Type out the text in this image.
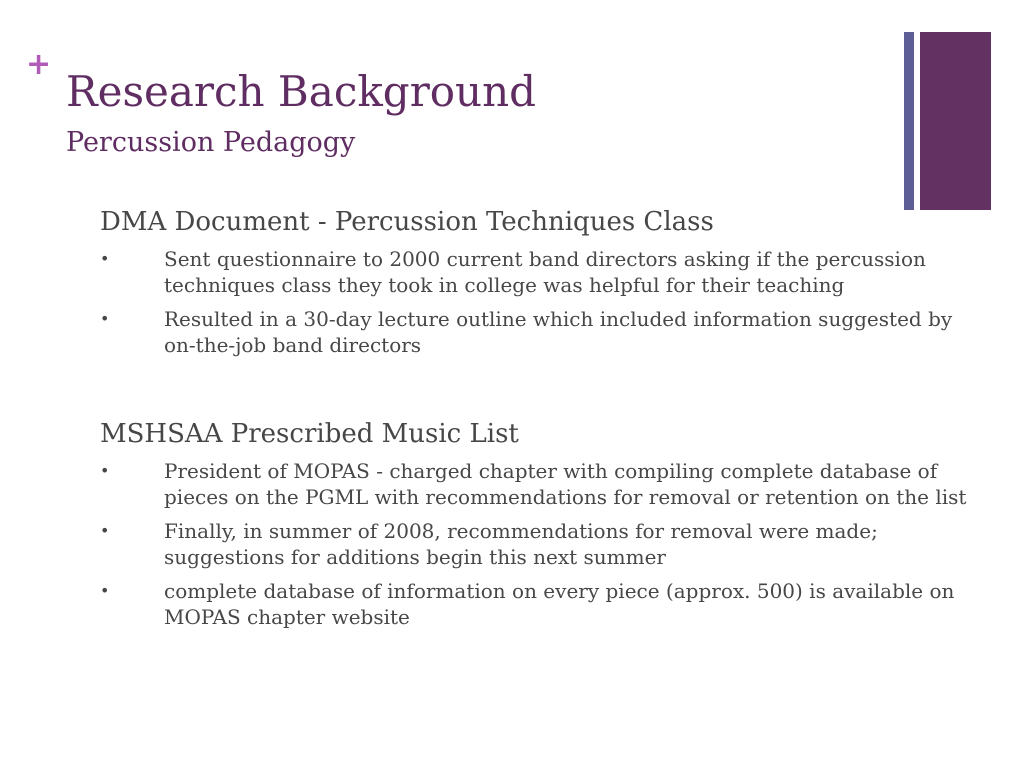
+
Research Background
Percussion Pedagogy
DMA Document - Percussion Techniques Class
•	Sent questionnaire to 2000 current band directors asking if the percussion techniques class they took in college was helpful for their teaching
•	Resulted in a 30-day lecture outline which included information suggested by on-the-job band directors
MSHSAA Prescribed Music List
•	President of MOPAS - charged chapter with compiling complete database of pieces on the PGML with recommendations for removal or retention on the list
•	Finally, in summer of 2008, recommendations for removal were made; suggestions for additions begin this next summer
•	complete database of information on every piece (approx. 500) is available on MOPAS chapter website
